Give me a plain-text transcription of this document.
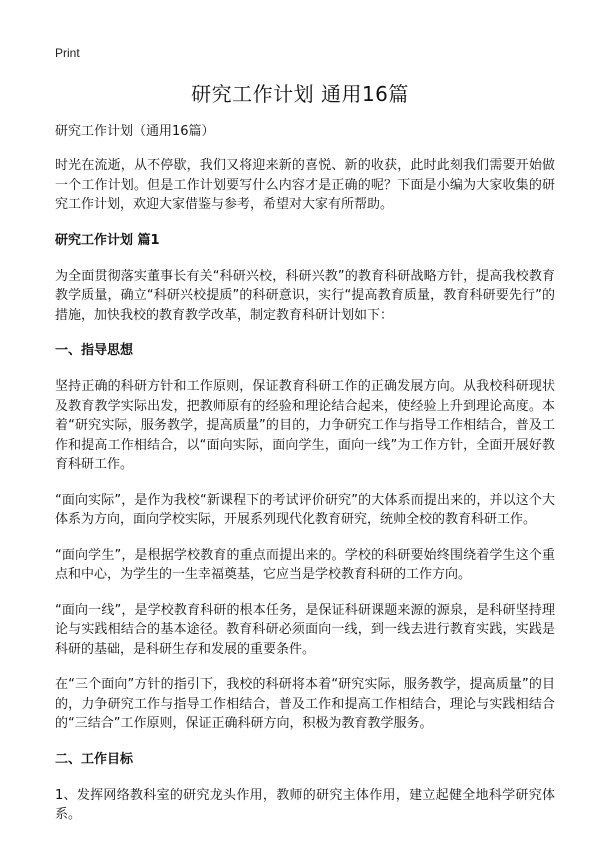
Print
研究工作计划 通用16篇
研究工作计划（通用16篇）

时光在流逝，从不停歇，我们又将迎来新的喜悦、新的收获，此时此刻我们需要开始做一个工作计划。但是工作计划要写什么内容才是正确的呢？下面是小编为大家收集的研究工作计划，欢迎大家借鉴与参考，希望对大家有所帮助。

研究工作计划 篇1

为全面贯彻落实董事长有关“科研兴校，科研兴教”的教育科研战略方针，提高我校教育教学质量，确立“科研兴校提质”的科研意识，实行“提高教育质量，教育科研要先行”的措施，加快我校的教育教学改革，制定教育科研计划如下：

一、指导思想

坚持正确的科研方针和工作原则，保证教育科研工作的正确发展方向。从我校科研现状及教育教学实际出发，把教师原有的经验和理论结合起来，使经验上升到理论高度。本着“研究实际，服务教学，提高质量”的目的，力争研究工作与指导工作相结合，普及工作和提高工作相结合，以“面向实际，面向学生，面向一线”为工作方针，全面开展好教育科研工作。

“面向实际”，是作为我校“新课程下的考试评价研究”的大体系而提出来的，并以这个大体系为方向，面向学校实际，开展系列现代化教育研究，统帅全校的教育科研工作。

“面向学生”，是根据学校教育的重点而提出来的。学校的科研要始终围绕着学生这个重点和中心，为学生的一生幸福奠基，它应当是学校教育科研的工作方向。

“面向一线”，是学校教育科研的根本任务，是保证科研课题来源的源泉，是科研坚持理论与实践相结合的基本途径。教育科研必须面向一线，到一线去进行教育实践，实践是科研的基础，是科研生存和发展的重要条件。

在“三个面向”方针的指引下，我校的科研将本着“研究实际，服务教学，提高质量”的目的，力争研究工作与指导工作相结合，普及工作和提高工作相结合，理论与实践相结合的“三结合”工作原则，保证正确科研方向，积极为教育教学服务。

二、工作目标

1、发挥网络教科室的研究龙头作用，教师的研究主体作用，建立起健全地科学研究体系。
